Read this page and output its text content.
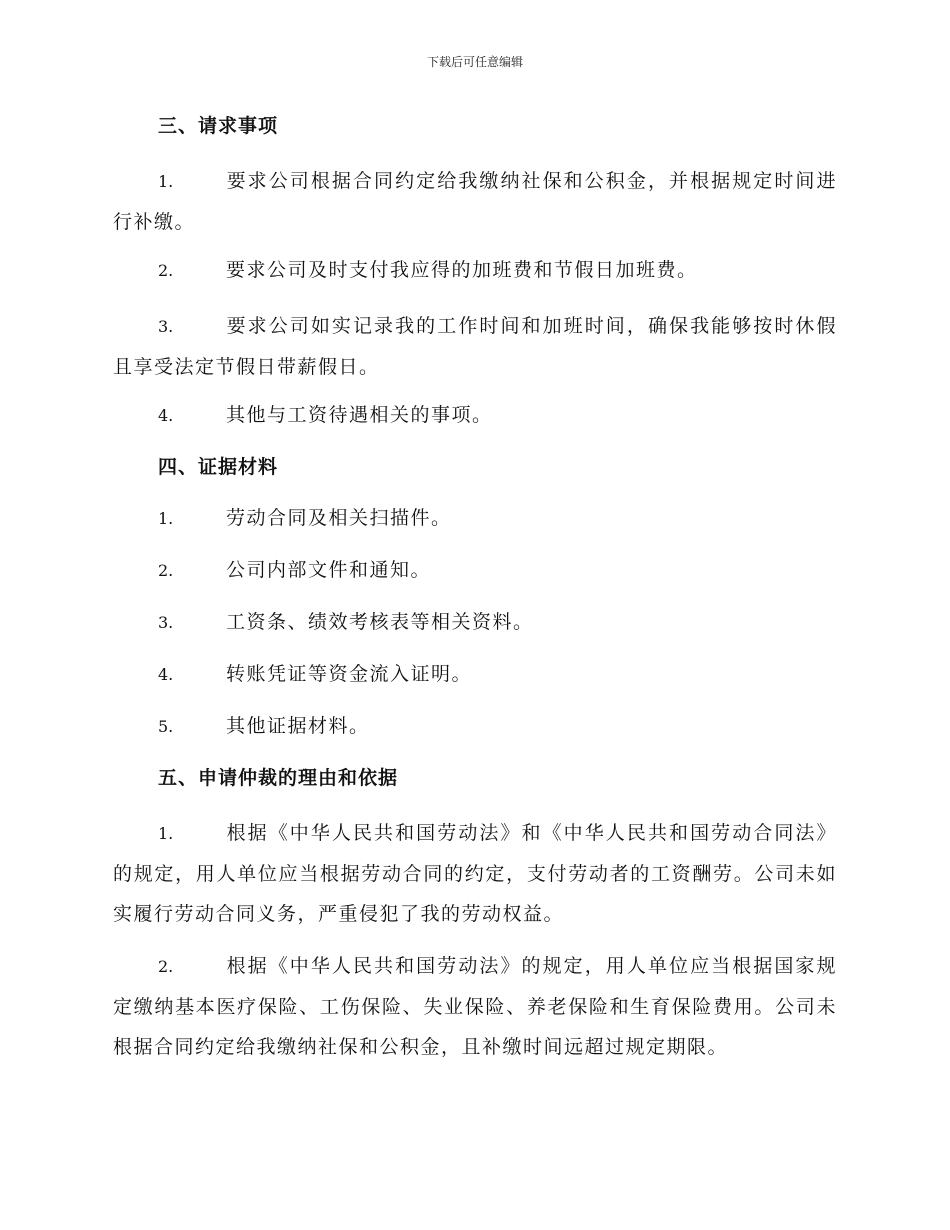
下载后可任意编辑

三、请求事项

1.	要求公司根据合同约定给我缴纳社保和公积金，并根据规定时间进行补缴。

2.	要求公司及时支付我应得的加班费和节假日加班费。

3.	要求公司如实记录我的工作时间和加班时间，确保我能够按时休假且享受法定节假日带薪假日。

4.	其他与工资待遇相关的事项。

四、证据材料

1.	劳动合同及相关扫描件。

2.	公司内部文件和通知。

3.	工资条、绩效考核表等相关资料。

4.	转账凭证等资金流入证明。

5.	其他证据材料。

五、申请仲裁的理由和依据

1.	根据《中华人民共和国劳动法》和《中华人民共和国劳动合同法》的规定，用人单位应当根据劳动合同的约定，支付劳动者的工资酬劳。公司未如实履行劳动合同义务，严重侵犯了我的劳动权益。

2.	根据《中华人民共和国劳动法》的规定，用人单位应当根据国家规定缴纳基本医疗保险、工伤保险、失业保险、养老保险和生育保险费用。公司未根据合同约定给我缴纳社保和公积金，且补缴时间远超过规定期限。
